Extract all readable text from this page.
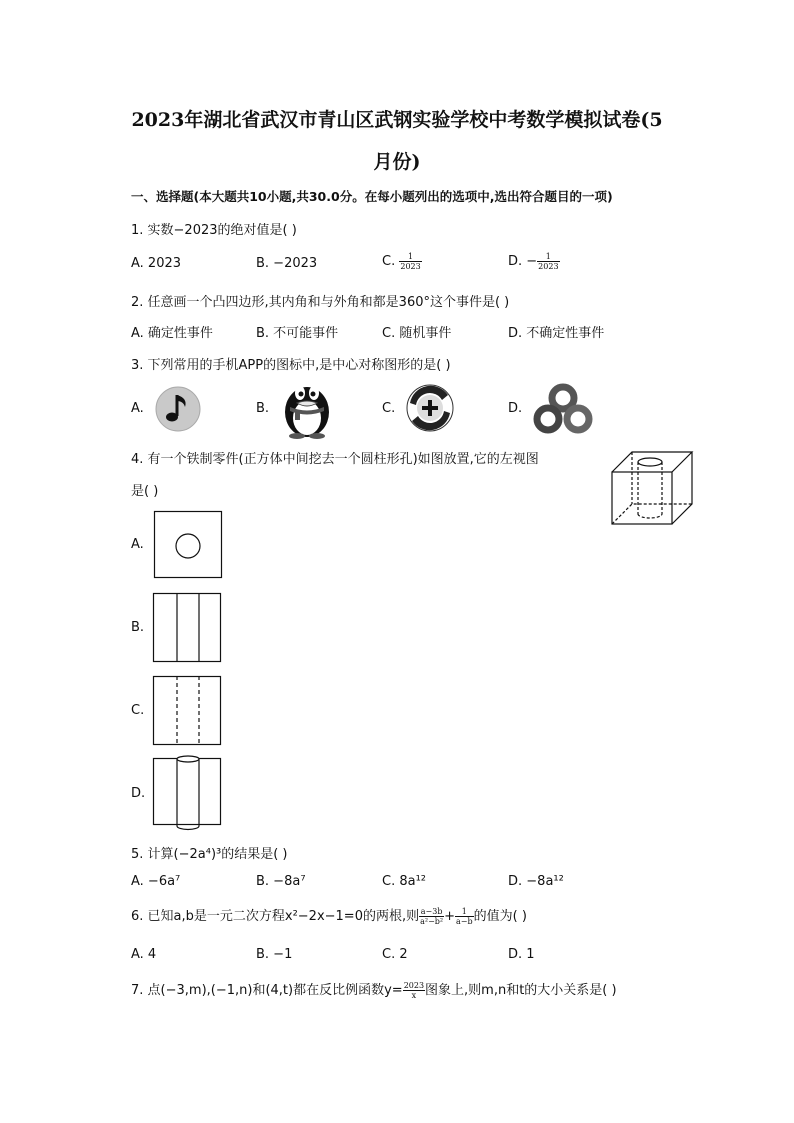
2023年湖北省武汉市青山区武钢实验学校中考数学模拟试卷(5
月份)
一、选择题(本大题共10小题,共30.0分。在每小题列出的选项中,选出符合题目的一项)
1. 实数−2023的绝对值是( )
A. 2023	B. −2023	C. $\frac{1}{2023}$	D. − $\frac{1}{2023}$
2. 任意画一个凸四边形,其内角和与外角和都是360°这个事件是( )
A. 确定性事件	B. 不可能事件	C. 随机事件	D. 不确定性事件
3. 下列常用的手机APP的图标中,是中心对称图形的是( )
A.	B.	C.	D.
4. 有一个铁制零件(正方体中间挖去一个圆柱形孔)如图放置,它的左视图
是( )
A.
B.
C.
D.
5. 计算(−2a⁴)³的结果是( )
A. −6a⁷	B. −8a⁷	C. 8a¹²	D. −8a¹²
6. 已知a,b是一元二次方程x²−2x−1=0的两根,则 $\frac{a-3b}{\text{a²−b²}} + \frac{1}{a-b}$ 的值为( )
A. 4	B. −1	C. 2	D. 1
7. 点(−3,m),(−1,n)和(4,t)都在反比例函数$y= \frac{2023}{x}$ 图象上,则m,n和t的大小关系是( )
